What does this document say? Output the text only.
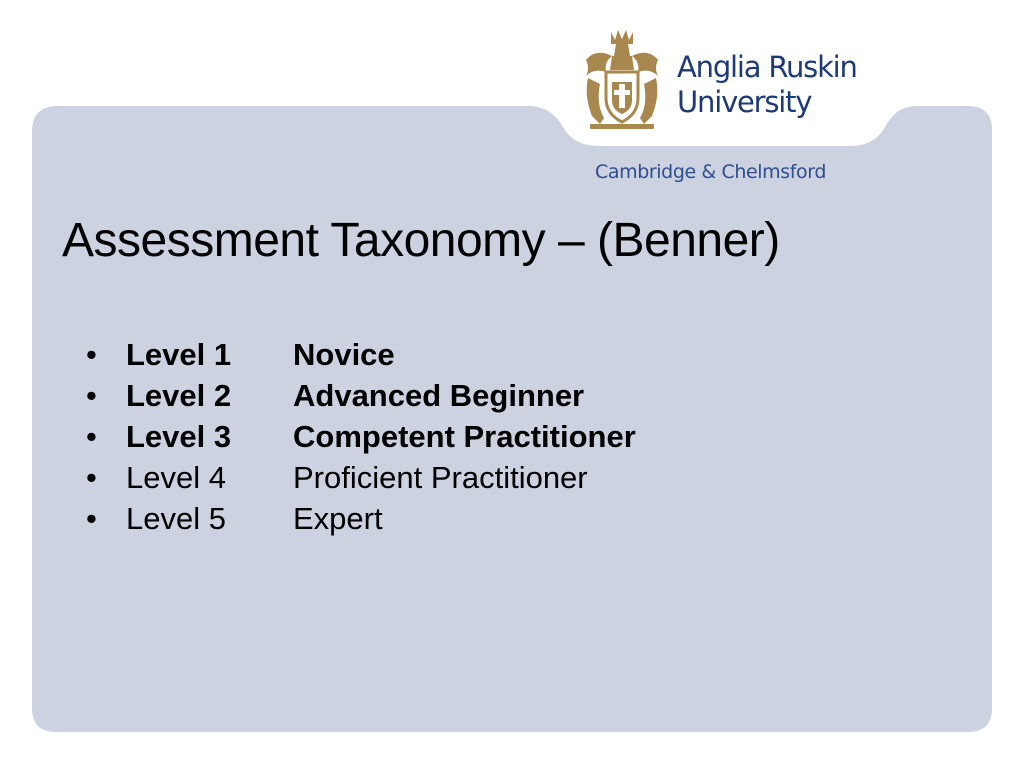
Anglia Ruskin
University
Cambridge & Chelmsford
Assessment Taxonomy – (Benner)
• Level 1 Novice
• Level 2 Advanced Beginner
• Level 3 Competent Practitioner
• Level 4 Proficient Practitioner
• Level 5 Expert
